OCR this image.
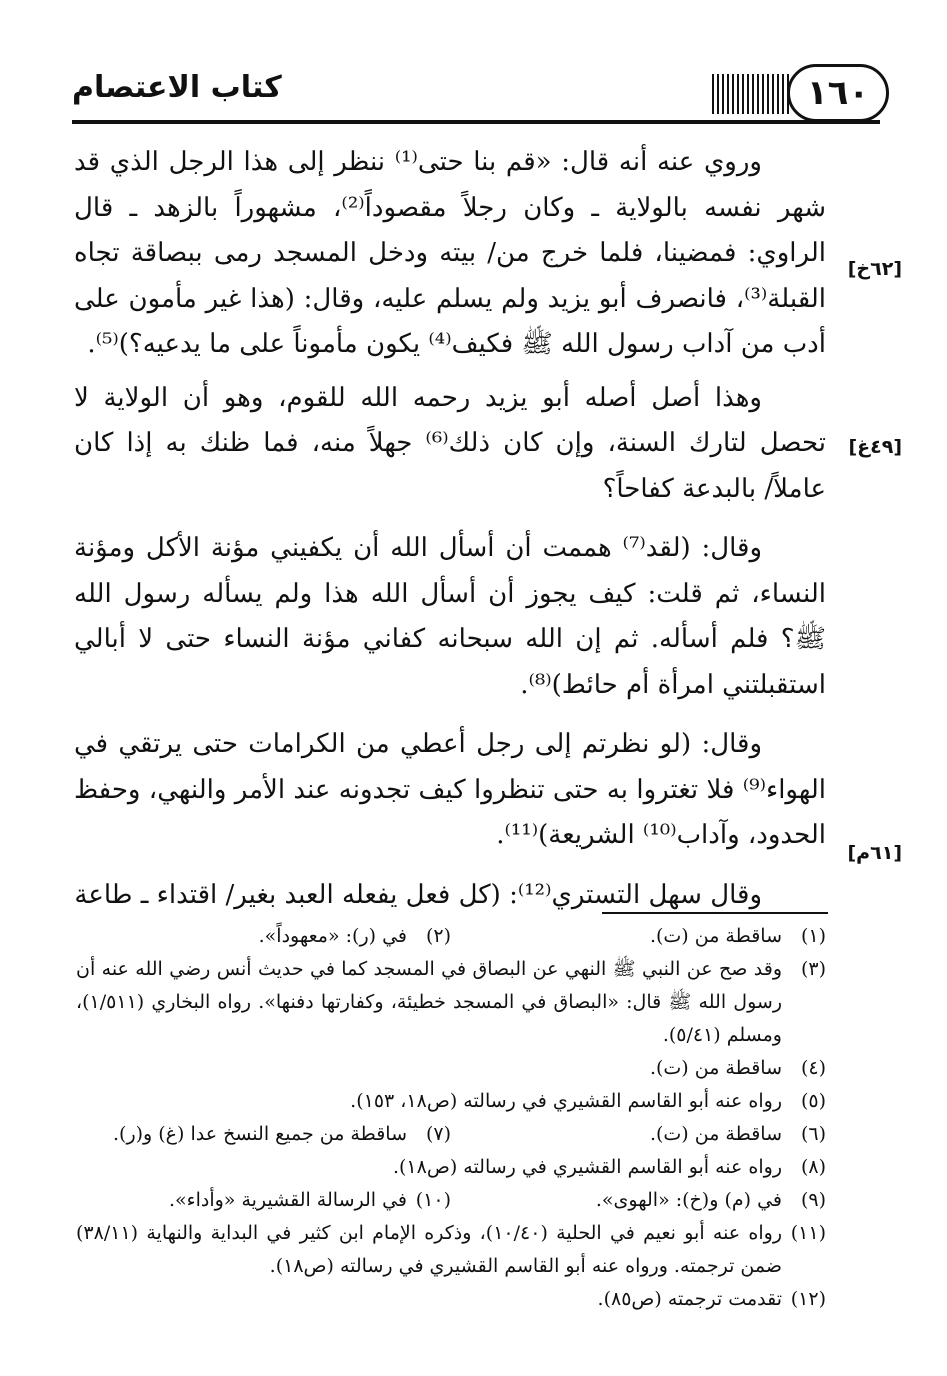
كتاب الاعتصام	١٦٠
[٦٢خ]
[٤٩غ]
[٦١م]

وروي عنه أنه قال: «قم بنا حتى⁽¹⁾ ننظر إلى هذا الرجل الذي قد شهر نفسه بالولاية ـ وكان رجلاً مقصوداً⁽²⁾، مشهوراً بالزهد ـ قال الراوي: فمضينا، فلما خرج من/ بيته ودخل المسجد رمى ببصاقة تجاه القبلة⁽³⁾، فانصرف أبو يزيد ولم يسلم عليه، وقال: (هذا غير مأمون على أدب من آداب رسول الله ﷺ فكيف⁽⁴⁾ يكون مأموناً على ما يدعيه؟)⁽⁵⁾.

وهذا أصل أصله أبو يزيد رحمه الله للقوم، وهو أن الولاية لا تحصل لتارك السنة، وإن كان ذلك⁽⁶⁾ جهلاً منه، فما ظنك به إذا كان عاملاً/ بالبدعة كفاحاً؟

وقال: (لقد⁽⁷⁾ هممت أن أسأل الله أن يكفيني مؤنة الأكل ومؤنة النساء، ثم قلت: كيف يجوز أن أسأل الله هذا ولم يسأله رسول الله ﷺ؟ فلم أسأله. ثم إن الله سبحانه كفاني مؤنة النساء حتى لا أبالي استقبلتني امرأة أم حائط)⁽⁸⁾.

وقال: (لو نظرتم إلى رجل أعطي من الكرامات حتى يرتقي في الهواء⁽⁹⁾ فلا تغتروا به حتى تنظروا كيف تجدونه عند الأمر والنهي، وحفظ الحدود، وآداب⁽¹⁰⁾ الشريعة)⁽¹¹⁾.

وقال سهل التستري⁽¹²⁾: (كل فعل يفعله العبد بغير/ اقتداء ـ طاعة

(١)
ساقطة من (ت).
(٢)
في (ر): «معهوداً».
(٣)
وقد صح عن النبي ﷺ النهي عن البصاق في المسجد كما في حديث أنس رضي الله عنه أن رسول الله ﷺ قال: «البصاق في المسجد خطيئة، وكفارتها دفنها». رواه البخاري (١/٥١١)، ومسلم (٥/٤١).
(٤)
ساقطة من (ت).
(٥)
رواه عنه أبو القاسم القشيري في رسالته (ص١٨، ١٥٣).
(٦)
ساقطة من (ت).
(٧)
ساقطة من جميع النسخ عدا (غ) و(ر).
(٨)
رواه عنه أبو القاسم القشيري في رسالته (ص١٨).
(٩)
في (م) و(خ): «الهوى».
(١٠)
في الرسالة القشيرية «وأداء».
(١١)
رواه عنه أبو نعيم في الحلية (١٠/٤٠)، وذكره الإمام ابن كثير في البداية والنهاية (٣٨/١١) ضمن ترجمته. ورواه عنه أبو القاسم القشيري في رسالته (ص١٨).
(١٢)
تقدمت ترجمته (ص٨٥).
